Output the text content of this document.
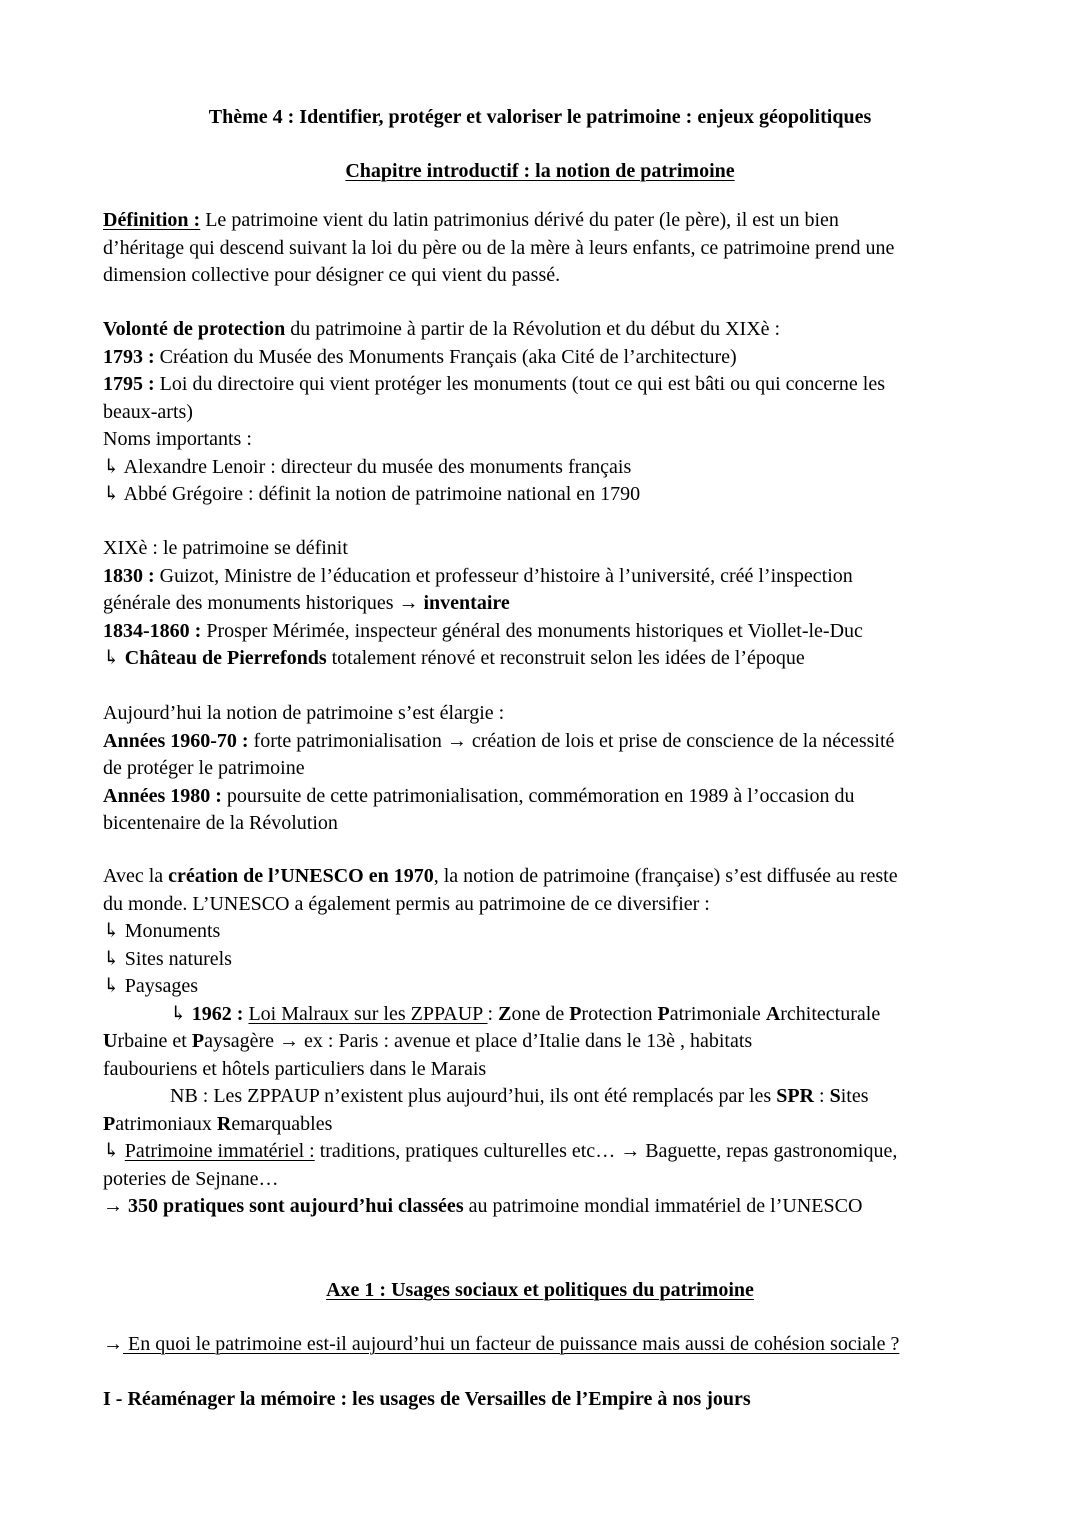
Thème 4 : Identifier, protéger et valoriser le patrimoine : enjeux géopolitiques
Chapitre introductif : la notion de patrimoine
Définition : Le patrimoine vient du latin patrimonius dérivé du pater (le père), il est un bien
d’héritage qui descend suivant la loi du père ou de la mère à leurs enfants, ce patrimoine prend une
dimension collective pour désigner ce qui vient du passé.
Volonté de protection du patrimoine à partir de la Révolution et du début du XIXè :
1793 : Création du Musée des Monuments Français (aka Cité de l’architecture)
1795 : Loi du directoire qui vient protéger les monuments (tout ce qui est bâti ou qui concerne les
beaux-arts)
Noms importants :
↳ Alexandre Lenoir : directeur du musée des monuments français
↳ Abbé Grégoire : définit la notion de patrimoine national en 1790
XIXè : le patrimoine se définit
1830 : Guizot, Ministre de l’éducation et professeur d’histoire à l’université, créé l’inspection
générale des monuments historiques → inventaire
1834-1860 : Prosper Mérimée, inspecteur général des monuments historiques et Viollet-le-Duc
↳ Château de Pierrefonds totalement rénové et reconstruit selon les idées de l’époque
Aujourd’hui la notion de patrimoine s’est élargie :
Années 1960-70 : forte patrimonialisation → création de lois et prise de conscience de la nécessité
de protéger le patrimoine
Années 1980 : poursuite de cette patrimonialisation, commémoration en 1989 à l’occasion du
bicentenaire de la Révolution
Avec la création de l’UNESCO en 1970, la notion de patrimoine (française) s’est diffusée au reste
du monde. L’UNESCO a également permis au patrimoine de ce diversifier :
↳ Monuments
↳ Sites naturels
↳ Paysages
↳ 1962 : Loi Malraux sur les ZPPAUP : Zone de Protection Patrimoniale Architecturale
Urbaine et Paysagère → ex : Paris : avenue et place d’Italie dans le 13è , habitats
faubouriens et hôtels particuliers dans le Marais
NB : Les ZPPAUP n’existent plus aujourd’hui, ils ont été remplacés par les SPR : Sites
Patrimoniaux Remarquables
↳ Patrimoine immatériel : traditions, pratiques culturelles etc… → Baguette, repas gastronomique,
poteries de Sejnane…
→ 350 pratiques sont aujourd’hui classées au patrimoine mondial immatériel de l’UNESCO
Axe 1 : Usages sociaux et politiques du patrimoine
→ En quoi le patrimoine est-il aujourd’hui un facteur de puissance mais aussi de cohésion sociale ?
I - Réaménager la mémoire : les usages de Versailles de l’Empire à nos jours
